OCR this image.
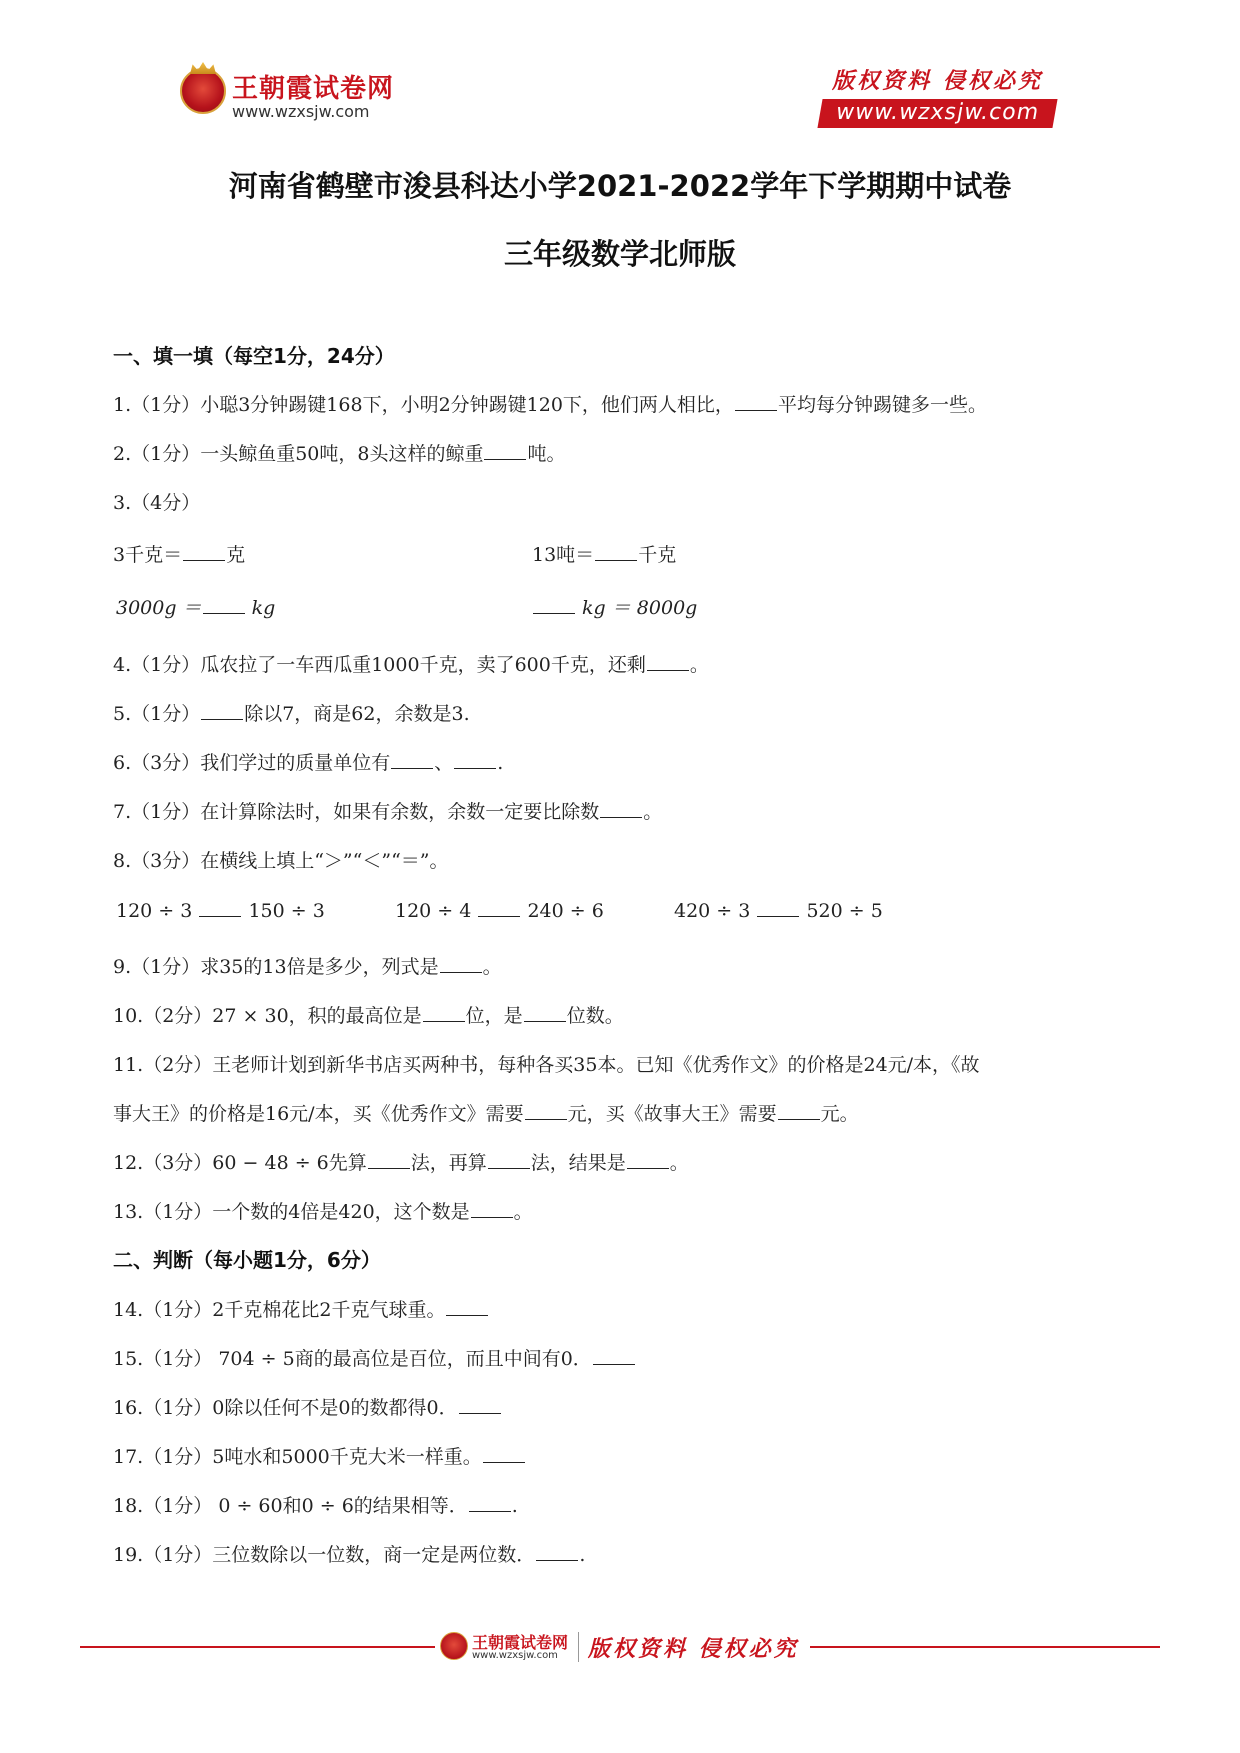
王朝霞试卷网
www.wzxsjw.com
版权资料 侵权必究
www.wzxsjw.com
河南省鹤壁市浚县科达小学2021-2022学年下学期期中试卷
三年级数学北师版
一、填一填（每空1分，24分）
1.（1分）小聪3分钟踢键168下，小明2分钟踢键120下，他们两人相比， 平均每分钟踢键多一些。
2.（1分）一头鲸鱼重50吨，8头这样的鲸重 吨。
3.（4分）
3千克＝ 克	13吨＝ 千克
3000g ＝	kg	kg ＝ 8000g
4.（1分）瓜农拉了一车西瓜重1000千克，卖了600千克，还剩 。
5.（1分） 除以7，商是62，余数是3.
6.（3分）我们学过的质量单位有 、 .
7.（1分）在计算除法时，如果有余数，余数一定要比除数 。
8.（3分）在横线上填上“＞”“＜”“＝”。
120 ÷ 3	150 ÷ 3	120 ÷ 4	240 ÷ 6	420 ÷ 3	520 ÷ 5
9.（1分）求35的13倍是多少，列式是 。
10.（2分）27 × 30，积的最高位是 位，是 位数。
11.（2分）王老师计划到新华书店买两种书，每种各买35本。已知《优秀作文》的价格是24元/本，《故
事大王》的价格是16元/本，买《优秀作文》需要 元，买《故事大王》需要 元。
12.（3分）60 − 48 ÷ 6先算 法，再算 法，结果是 。
13.（1分）一个数的4倍是420，这个数是 。
二、判断（每小题1分，6分）
14.（1分）2千克棉花比2千克气球重。
15.（1分） 704 ÷ 5商的最高位是百位，而且中间有0．
16.（1分）0除以任何不是0的数都得0．
17.（1分）5吨水和5000千克大米一样重。
18.（1分） 0 ÷ 60和0 ÷ 6的结果相等． .
19.（1分）三位数除以一位数，商一定是两位数． .
王朝霞试卷网
www.wzxsjw.com 版权资料 侵权必究
